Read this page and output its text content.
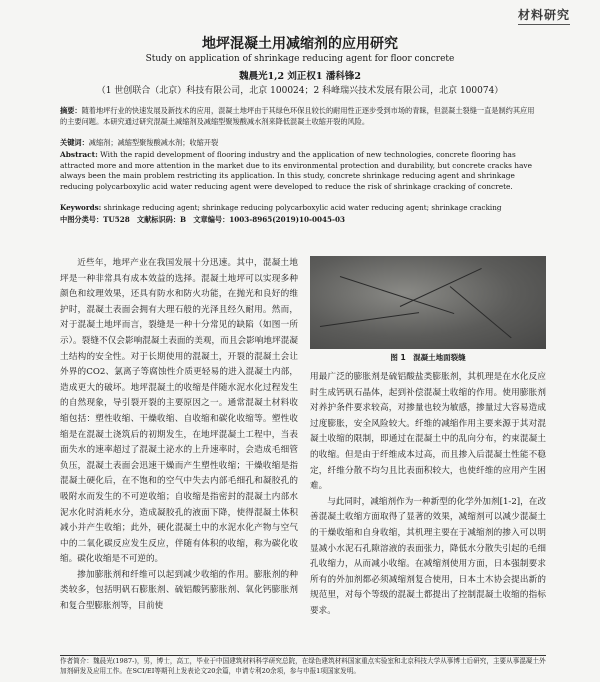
材料研究
地坪混凝土用减缩剂的应用研究
Study on application of shrinkage reducing agent for floor concrete
魏晨光1,2 刘正权1 潘科锋2
（1 世创联合（北京）科技有限公司，北京 100024；2 科峰瑞兴技术发展有限公司，北京 100074）
摘要：随着地坪行业的快速发展及新技术的应用，混凝土地坪由于其绿色环保且较长的耐用性正逐步受到市场的青睐，但混凝土裂缝一直是制约其应用的主要问题。本研究通过研究混凝土减缩剂及减缩型聚羧酸减水剂来降低混凝土收缩开裂的风险。
关键词：减缩剂；减缩型聚羧酸减水剂；收缩开裂
Abstract: With the rapid development of flooring industry and the application of new technologies, concrete flooring has attracted more and more attention in the market due to its environmental protection and durability, but concrete cracks have always been the main problem restricting its application. In this study, concrete shrinkage reducing agent and shrinkage reducing polycarboxylic acid water reducing agent were developed to reduce the risk of shrinkage cracking of concrete.
Keywords: shrinkage reducing agent; shrinkage reducing polycarboxylic acid water reducing agent; shrinkage cracking
中图分类号：TU528　文献标识码：B　文章编号：1003-8965(2019)10-0045-03

近些年，地坪产业在我国发展十分迅速。其中，混凝土地坪是一种非常具有成本效益的选择。混凝土地坪可以实现多种颜色和纹理效果，还具有防水和防火功能，在抛光和良好的维护时，混凝土表面会拥有大理石般的光泽且经久耐用。然而，对于混凝土地坪而言，裂缝是一种十分常见的缺陷（如图一所示）。裂缝不仅会影响混凝土表面的美观，而且会影响地坪混凝土结构的安全性。对于长期使用的混凝土，开裂的混凝土会让外界的CO2、氯离子等腐蚀性介质更轻易的进入混凝土内部，造成更大的破坏。地坪混凝土的收缩是伴随水泥水化过程发生的自然现象，导引裂开裂的主要原因之一。通常混凝土材料收缩包括：塑性收缩、干燥收缩、自收缩和碳化收缩等。塑性收缩是在混凝土浇筑后的初期发生，在地坪混凝土工程中，当表面失水的速率超过了混凝土泌水的上升速率时，会造成毛细管负压，混凝土表面会迅速干燥而产生塑性收缩；干燥收缩是指混凝土硬化后，在不饱和的空气中失去内部毛细孔和凝胶孔的吸附水而发生的不可逆收缩；自收缩是指密封的混凝土内部水泥水化时消耗水分，造成凝胶孔的液面下降，使得混凝土体积减小并产生收缩；此外，硬化混凝土中的水泥水化产物与空气中的二氧化碳反应发生反应，伴随有体积的收缩，称为碳化收缩。碳化收缩是不可逆的。

掺加膨胀剂和纤维可以起到减少收缩的作用。膨胀剂的种类较多，包括明矾石膨胀剂、硫铝酸钙膨胀剂、氧化钙膨胀剂和复合型膨胀剂等，目前使

图 1　混凝土地面裂缝

用最广泛的膨胀剂是硫铝酸盐类膨胀剂，其机理是在水化反应时生成钙矾石晶体，起到补偿混凝土收缩的作用。使用膨胀剂对养护条件要求较高，对掺量也较为敏感，掺量过大容易造成过度膨胀，安全风险较大。纤维的减缩作用主要来源于其对混凝土收缩的限制，即通过在混凝土中的乱向分布，约束混凝土的收缩。但是由于纤维成本过高，而且掺入后混凝土性能不稳定，纤维分散不均匀且比表面积较大，也使纤维的应用产生困难。

与此同时，减缩剂作为一种新型的化学外加剂[1-2]，在改善混凝土收缩方面取得了显著的效果，减缩剂可以减少混凝土的干燥收缩和自身收缩，其机理主要在于减缩剂的掺入可以明显减小水泥石孔隙溶液的表面张力，降低水分散失引起的毛细孔收缩力，从而减小收缩。在减缩剂使用方面，日本强制要求所有的外加剂都必须减缩剂复合使用，日本土木协会提出新的规范里，对每个等级的混凝土都提出了控制混凝土收缩的指标要求。

作者简介：魏晨光(1987-)，男，博士，高工，毕业于中国建筑材料科学研究总院，在绿色建筑材料国家重点实验室和北京科技大学从事博士后研究，主要从事混凝土外加剂研发及应用工作。在SCI/EI等期刊上发表论文20余篇，申请专利20余项，参与申报1项国家发明。
